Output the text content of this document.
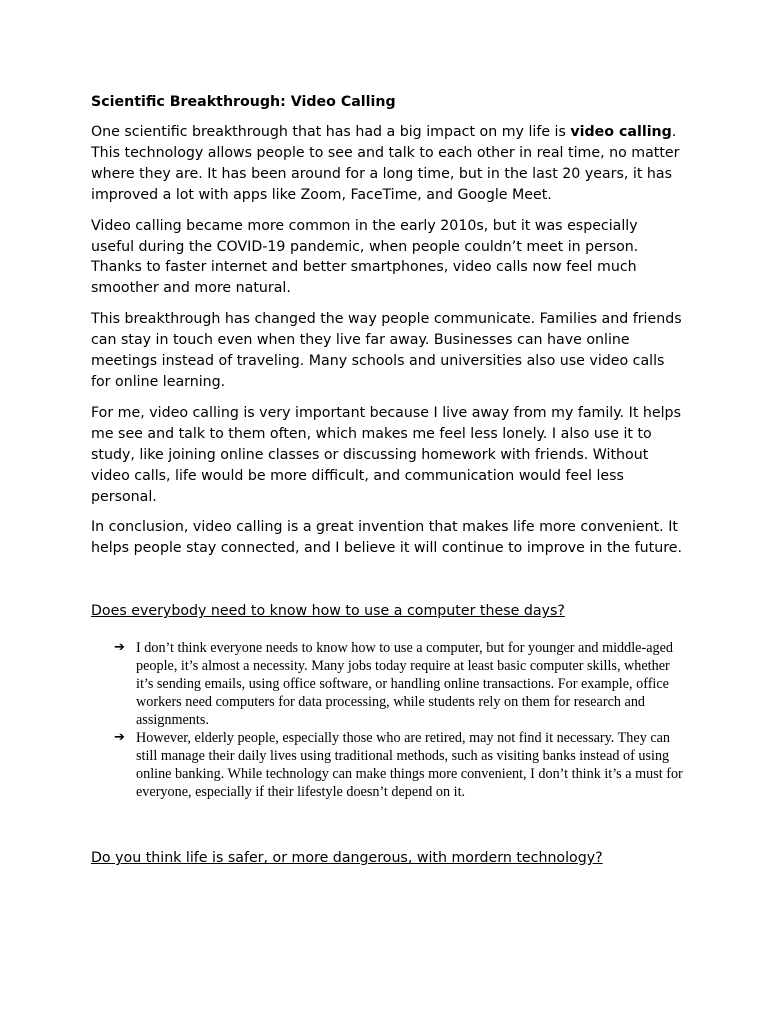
Scientific Breakthrough: Video Calling

One scientific breakthrough that has had a big impact on my life is video calling. This technology allows people to see and talk to each other in real time, no matter where they are. It has been around for a long time, but in the last 20 years, it has improved a lot with apps like Zoom, FaceTime, and Google Meet.

Video calling became more common in the early 2010s, but it was especially useful during the COVID-19 pandemic, when people couldn’t meet in person. Thanks to faster internet and better smartphones, video calls now feel much smoother and more natural.

This breakthrough has changed the way people communicate. Families and friends can stay in touch even when they live far away. Businesses can have online meetings instead of traveling. Many schools and universities also use video calls for online learning.

For me, video calling is very important because I live away from my family. It helps me see and talk to them often, which makes me feel less lonely. I also use it to study, like joining online classes or discussing homework with friends. Without video calls, life would be more difficult, and communication would feel less personal.

In conclusion, video calling is a great invention that makes life more convenient. It helps people stay connected, and I believe it will continue to improve in the future.

Does everybody need to know how to use a computer these days?

➔ I don’t think everyone needs to know how to use a computer, but for younger and middle-aged people, it’s almost a necessity. Many jobs today require at least basic computer skills, whether it’s sending emails, using office software, or handling online transactions. For example, office workers need computers for data processing, while students rely on them for research and assignments.
➔ However, elderly people, especially those who are retired, may not find it necessary. They can still manage their daily lives using traditional methods, such as visiting banks instead of using online banking. While technology can make things more convenient, I don’t think it’s a must for everyone, especially if their lifestyle doesn’t depend on it.

Do you think life is safer, or more dangerous, with mordern technology?
